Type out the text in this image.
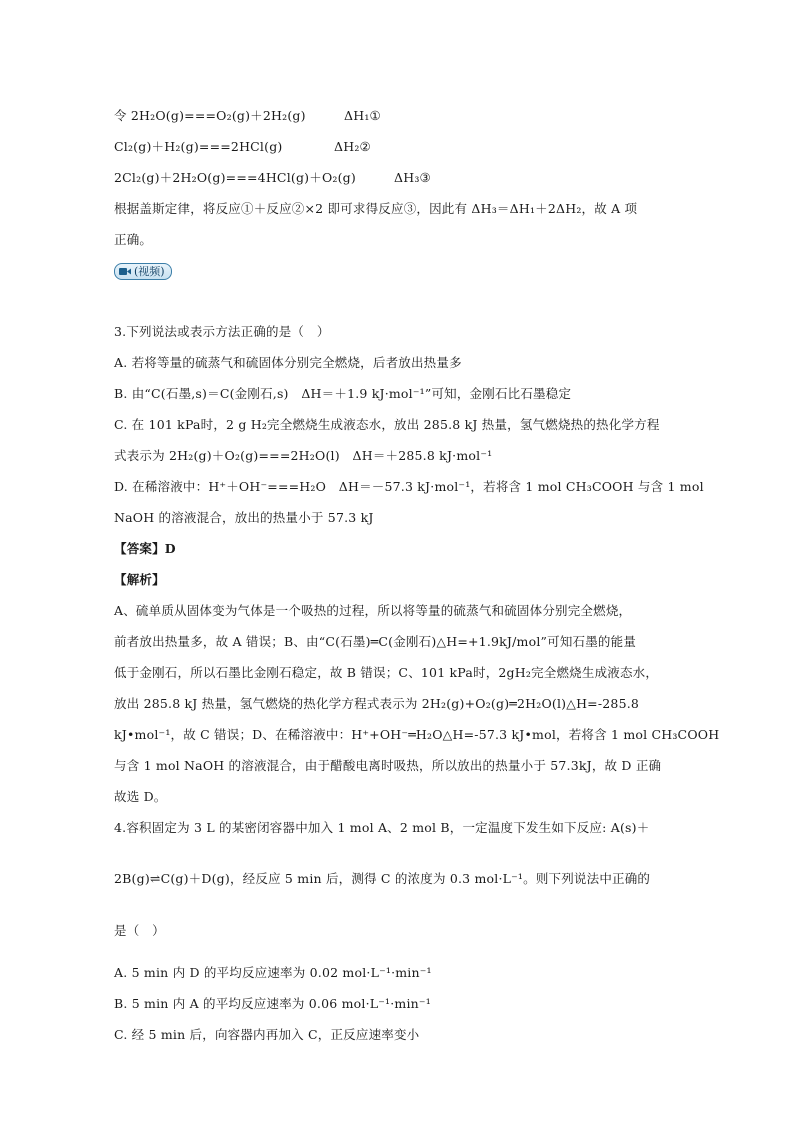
令 2H₂O(g)===O₂(g)＋2H₂(g)	ΔH₁①
Cl₂(g)＋H₂(g)===2HCl(g)	ΔH₂②
2Cl₂(g)＋2H₂O(g)===4HCl(g)＋O₂(g)	ΔH₃③
根据盖斯定律，将反应①＋反应②×2 即可求得反应③，因此有 ΔH₃＝ΔH₁＋2ΔH₂，故 A 项
正确。
(视频)
3.下列说法或表示方法正确的是（　）
A. 若将等量的硫蒸气和硫固体分别完全燃烧，后者放出热量多
B. 由“C(石墨,s)＝C(金刚石,s)　ΔH＝＋1.9 kJ·mol⁻¹”可知，金刚石比石墨稳定
C. 在 101 kPa时，2 g H₂完全燃烧生成液态水，放出 285.8 kJ 热量，氢气燃烧热的热化学方程
式表示为 2H₂(g)＋O₂(g)===2H₂O(l)　ΔH＝＋285.8 kJ·mol⁻¹
D. 在稀溶液中：H⁺＋OH⁻===H₂O　ΔH＝－57.3 kJ·mol⁻¹，若将含 1 mol CH₃COOH 与含 1 mol
NaOH 的溶液混合，放出的热量小于 57.3 kJ
【答案】D
【解析】
A、硫单质从固体变为气体是一个吸热的过程，所以将等量的硫蒸气和硫固体分别完全燃烧，
前者放出热量多，故 A 错误；B、由“C(石墨)═C(金刚石)△H=+1.9kJ/mol”可知石墨的能量
低于金刚石，所以石墨比金刚石稳定，故 B 错误；C、101 kPa时，2gH₂完全燃烧生成液态水，
放出 285.8 kJ 热量，氢气燃烧的热化学方程式表示为 2H₂(g)+O₂(g)═2H₂O(l)△H=-285.8
kJ•mol⁻¹，故 C 错误；D、在稀溶液中：H⁺+OH⁻═H₂O△H=-57.3 kJ•mol，若将含 1 mol CH₃COOH
与含 1 mol NaOH 的溶液混合，由于醋酸电离时吸热，所以放出的热量小于 57.3kJ，故 D 正确
故选 D。
4.容积固定为 3 L 的某密闭容器中加入 1 mol A、2 mol B，一定温度下发生如下反应: A(s)＋
2B(g)⇌C(g)＋D(g)，经反应 5 min 后，测得 C 的浓度为 0.3 mol·L⁻¹。则下列说法中正确的
是（　）
A. 5 min 内 D 的平均反应速率为 0.02 mol·L⁻¹·min⁻¹
B. 5 min 内 A 的平均反应速率为 0.06 mol·L⁻¹·min⁻¹
C. 经 5 min 后，向容器内再加入 C，正反应速率变小
